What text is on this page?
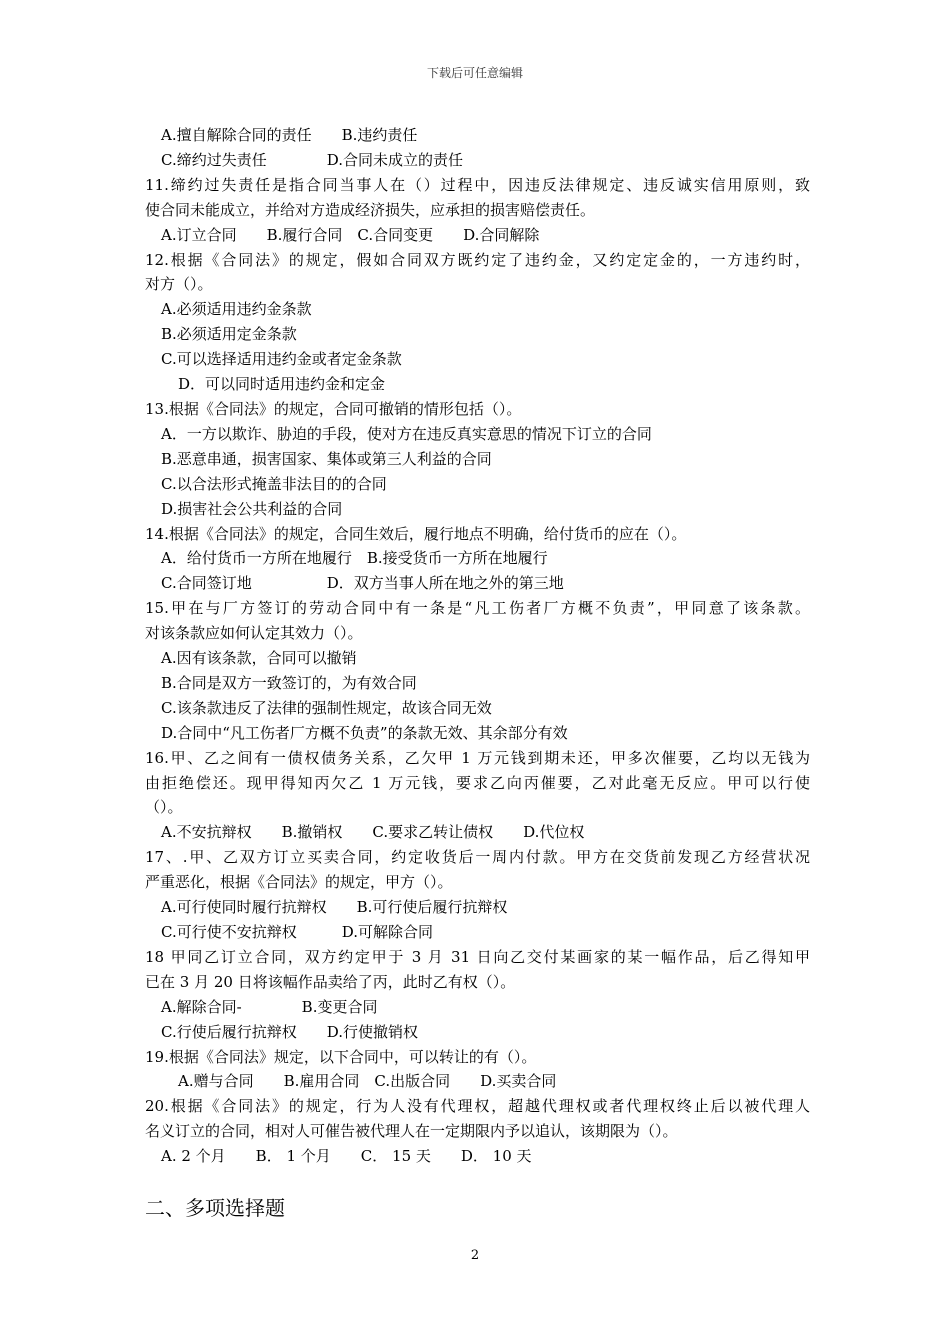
下载后可任意编辑
A.擅自解除合同的责任　　B.违约责任
C.缔约过失责任　　　　D.合同未成立的责任
11.缔约过失责任是指合同当事人在（）过程中，因违反法律规定、违反诚实信用原则，致
使合同未能成立，并给对方造成经济损失，应承担的损害赔偿责任。
A.订立合同　　B.履行合同　C.合同变更　　D.合同解除
12.根据《合同法》的规定，假如合同双方既约定了违约金，又约定定金的，一方违约时，
对方（）。
A.必须适用违约金条款
B.必须适用定金条款
C.可以选择适用违约金或者定金条款
D．可以同时适用违约金和定金
13.根据《合同法》的规定，合同可撤销的情形包括（）。
A．一方以欺诈、胁迫的手段，使对方在违反真实意思的情况下订立的合同
B.恶意串通，损害国家、集体或第三人利益的合同
C.以合法形式掩盖非法目的的合同
D.损害社会公共利益的合同
14.根据《合同法》的规定，合同生效后，履行地点不明确，给付货币的应在（）。
A．给付货币一方所在地履行　B.接受货币一方所在地履行
C.合同签订地　　　　　D．双方当事人所在地之外的第三地
15.甲在与厂方签订的劳动合同中有一条是“凡工伤者厂方概不负责”，甲同意了该条款。
对该条款应如何认定其效力（）。
A.因有该条款，合同可以撤销
B.合同是双方一致签订的，为有效合同
C.该条款违反了法律的强制性规定，故该合同无效
D.合同中“凡工伤者厂方概不负责”的条款无效、其余部分有效
16.甲、乙之间有一债权债务关系，乙欠甲 1 万元钱到期未还，甲多次催要，乙均以无钱为
由拒绝偿还。现甲得知丙欠乙 1 万元钱，要求乙向丙催要，乙对此毫无反应。甲可以行使
（）。
A.不安抗辩权　　B.撤销权　　C.要求乙转让债权　　D.代位权
17、.甲、乙双方订立买卖合同，约定收货后一周内付款。甲方在交货前发现乙方经营状况
严重恶化，根据《合同法》的规定，甲方（）。
A.可行使同时履行抗辩权　　B.可行使后履行抗辩权
C.可行使不安抗辩权　　　D.可解除合同
18 甲同乙订立合同，双方约定甲于 3 月 31 日向乙交付某画家的某一幅作品，后乙得知甲
已在 3 月 20 日将该幅作品卖给了丙，此时乙有权（）。
A.解除合同-　　　　B.变更合同
C.行使后履行抗辩权　　D.行使撤销权
19.根据《合同法》规定，以下合同中，可以转让的有（）。
A.赠与合同　　B.雇用合同　C.出版合同　　D.买卖合同
20.根据《合同法》的规定，行为人没有代理权，超越代理权或者代理权终止后以被代理人
名义订立的合同，相对人可催告被代理人在一定期限内予以追认，该期限为（）。
A. 2 个月　　B． 1 个月　　C． 15 天　　D． 10 天
二、多项选择题
2
